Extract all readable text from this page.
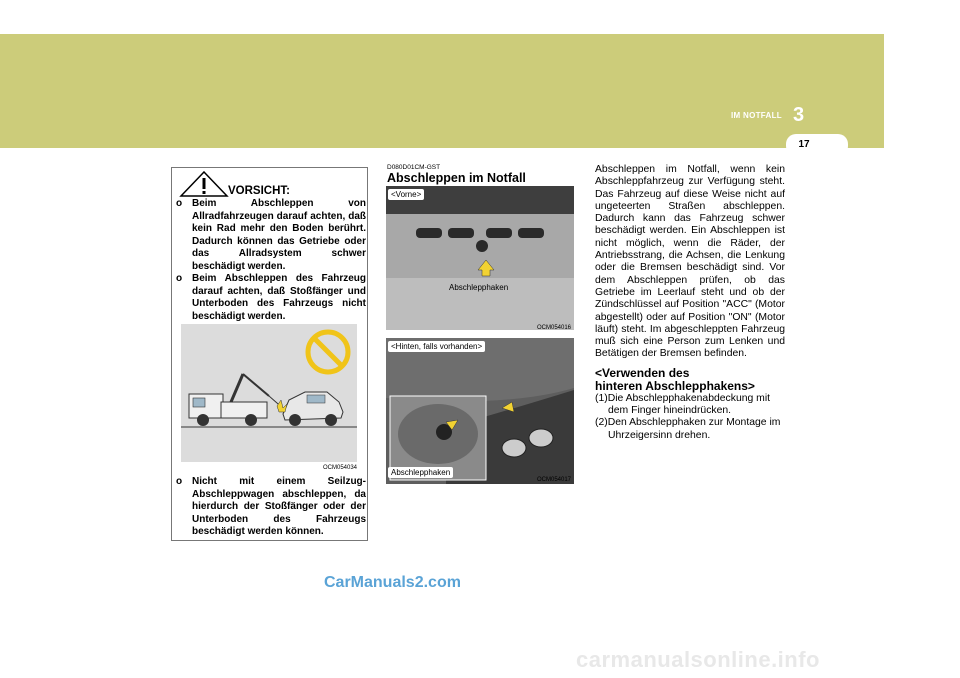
IM NOTFALL 3
17
VORSICHT:
o Beim Abschleppen von Allradfahrzeugen darauf achten, daß kein Rad mehr den Boden berührt. Dadurch können das Getriebe oder das Allradsystem schwer beschädigt werden.
o Beim Abschleppen des Fahrzeug darauf achten, daß Stoßfänger und Unterboden des Fahrzeugs nicht beschädigt werden.
OCM054034
o Nicht mit einem Seilzug-Abschleppwagen abschleppen, da hierdurch der Stoßfänger oder der Unterboden des Fahrzeugs beschädigt werden können.
D080D01CM-GST
Abschleppen im Notfall
<Vorne>
Abschlepphaken
OCM054016
<Hinten, falls vorhanden>
Abschlepphaken
OCM054017
Abschleppen im Notfall, wenn kein Abschleppfahrzeug zur Verfügung steht. Das Fahrzeug auf diese Weise nicht auf ungeteerten Straßen abschleppen. Dadurch kann das Fahrzeug schwer beschädigt werden. Ein Abschleppen ist nicht möglich, wenn die Räder, der Antriebsstrang, die Achsen, die Lenkung oder die Bremsen beschädigt sind. Vor dem Abschleppen prüfen, ob das Getriebe im Leerlauf steht und ob der Zündschlüssel auf Position "ACC" (Motor abgestellt) oder auf Position "ON" (Motor läuft) steht. Im abgeschleppten Fahrzeug muß sich eine Person zum Lenken und Betätigen der Bremsen befinden.
<Verwenden des
hinteren Abschlepphakens>
(1)Die Abschlepphakenabdeckung mit dem Finger hineindrücken.
(2)Den Abschlepphaken zur Montage im Uhrzeigersinn drehen.
CarManuals2.com
carmanualsonline.info
